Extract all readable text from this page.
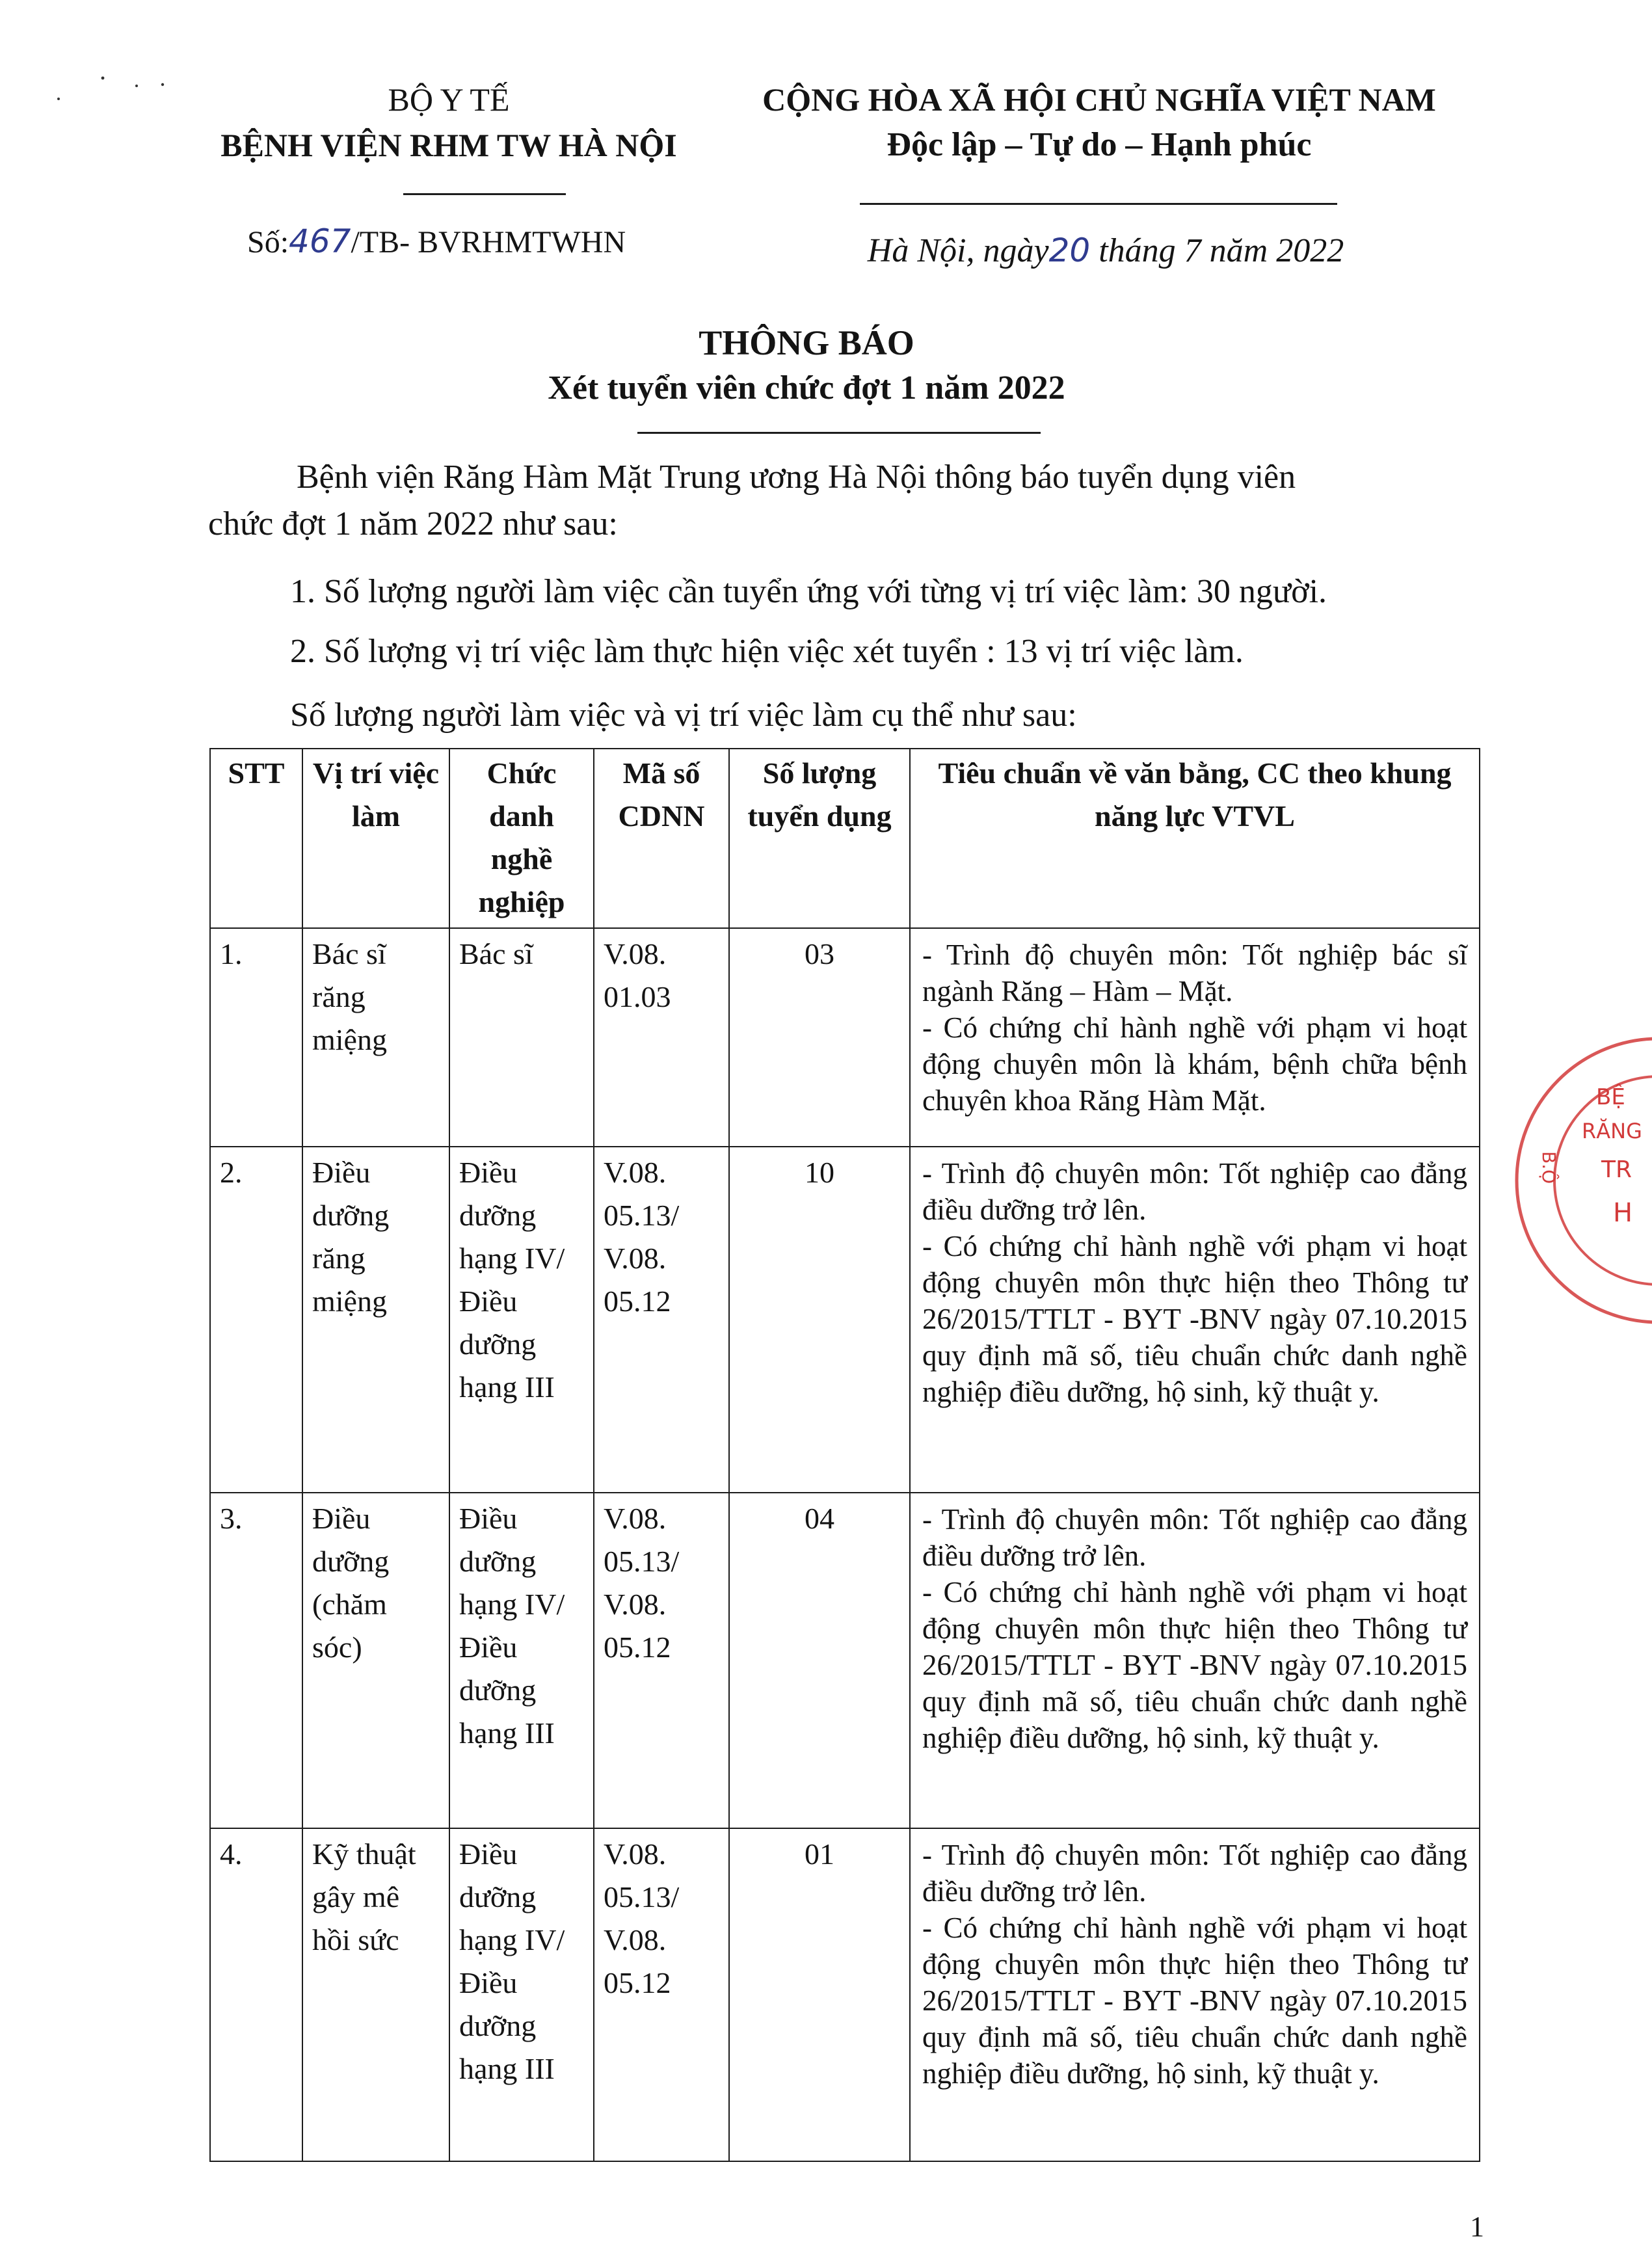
BỘ Y TẾ
BỆNH VIỆN RHM TW HÀ NỘI
Số:467/TB- BVRHMTWHN
CỘNG HÒA XÃ HỘI CHỦ NGHĨA VIỆT NAM
Độc lập – Tự do – Hạnh phúc
Hà Nội, ngày20 tháng 7 năm 2022
THÔNG BÁO
Xét tuyển viên chức đợt 1 năm 2022
Bệnh viện Răng Hàm Mặt Trung ương Hà Nội thông báo tuyển dụng viên
chức đợt 1 năm 2022 như sau:
1. Số lượng người làm việc cần tuyển ứng với từng vị trí việc làm: 30 người.
2. Số lượng vị trí việc làm thực hiện việc xét tuyển : 13 vị trí việc làm.
Số lượng người làm việc và vị trí việc làm cụ thể như sau:
STT	Vị trí việc làm	Chức danh nghề nghiệp	Mã số CDNN	Số lượng tuyển dụng	Tiêu chuẩn về văn bằng, CC theo khung năng lực VTVL
1.	Bác sĩ răng miệng	Bác sĩ	V.08. 01.03	03	- Trình độ chuyên môn: Tốt nghiệp bác sĩ ngành Răng – Hàm – Mặt.
- Có chứng chỉ hành nghề với phạm vi hoạt động chuyên môn là khám, bệnh chữa bệnh chuyên khoa Răng Hàm Mặt.

2.	Điều dưỡng răng miệng	Điều dưỡng hạng IV/ Điều dưỡng hạng III	V.08. 05.13/ V.08. 05.12	10	- Trình độ chuyên môn: Tốt nghiệp cao đẳng điều dưỡng trở lên.
- Có chứng chỉ hành nghề với phạm vi hoạt động chuyên môn thực hiện theo Thông tư 26/2015/TTLT - BYT -BNV ngày 07.10.2015 quy định mã số, tiêu chuẩn chức danh nghề nghiệp điều dưỡng, hộ sinh, kỹ thuật y.

3.	Điều dưỡng (chăm sóc)	Điều dưỡng hạng IV/ Điều dưỡng hạng III	V.08. 05.13/ V.08. 05.12	04	- Trình độ chuyên môn: Tốt nghiệp cao đẳng điều dưỡng trở lên.
- Có chứng chỉ hành nghề với phạm vi hoạt động chuyên môn thực hiện theo Thông tư 26/2015/TTLT - BYT -BNV ngày 07.10.2015 quy định mã số, tiêu chuẩn chức danh nghề nghiệp điều dưỡng, hộ sinh, kỹ thuật y.

4.	Kỹ thuật gây mê hồi sức	Điều dưỡng hạng IV/ Điều dưỡng hạng III	V.08. 05.13/ V.08. 05.12	01	- Trình độ chuyên môn: Tốt nghiệp cao đẳng điều dưỡng trở lên.
- Có chứng chỉ hành nghề với phạm vi hoạt động chuyên môn thực hiện theo Thông tư 26/2015/TTLT - BYT -BNV ngày 07.10.2015 quy định mã số, tiêu chuẩn chức danh nghề nghiệp điều dưỡng, hộ sinh, kỹ thuật y.
BỆ
RĂNG
TR
H
B.Ộ
1
